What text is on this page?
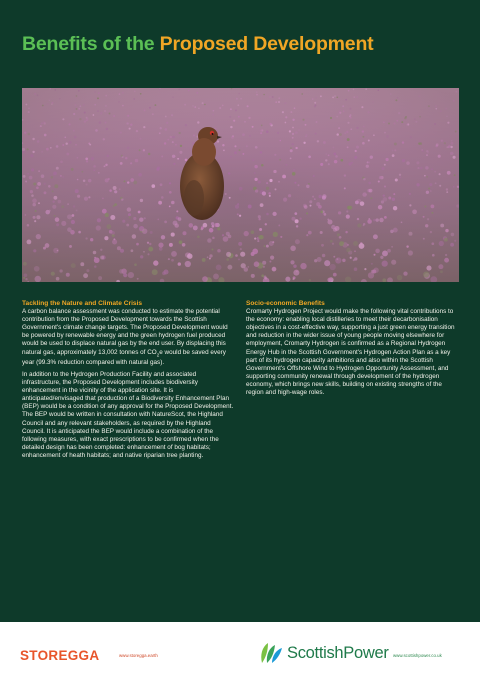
Benefits of the Proposed Development
Tackling the Nature and Climate Crisis

A carbon balance assessment was conducted to estimate the potential contribution from the Proposed Development towards the Scottish Government's climate change targets. The Proposed Development would be powered by renewable energy and the green hydrogen fuel produced would be used to displace natural gas by the end user. By displacing this natural gas, approximately 13,002 tonnes of $CO_2e$ would be saved every year (99.3% reduction compared with natural gas).

In addition to the Hydrogen Production Facility and associated infrastructure, the Proposed Development includes biodiversity enhancement in the vicinity of the application site. It is anticipated/envisaged that production of a Biodiversity Enhancement Plan (BEP) would be a condition of any approval for the Proposed Development. The BEP would be written in consultation with NatureScot, the Highland Council and any relevant stakeholders, as required by the Highland Council. It is anticipated the BEP would include a combination of the following measures, with exact prescriptions to be confirmed when the detailed design has been completed: enhancement of bog habitats; enhancement of heath habitats; and native riparian tree planting.

Socio-economic Benefits

Cromarty Hydrogen Project would make the following vital contributions to the economy: enabling local distilleries to meet their decarbonisation objectives in a cost-effective way, supporting a just green energy transition and reduction in the wider issue of young people moving elsewhere for employment, Cromarty Hydrogen is confirmed as a Regional Hydrogen Energy Hub in the Scottish Government's Hydrogen Action Plan as a key part of its hydrogen capacity ambitions and also within the Scottish Government's Offshore Wind to Hydrogen Opportunity Assessment, and supporting community renewal through development of the hydrogen economy, which brings new skills, building on existing strengths of the region and high-wage roles.

STOREGGA	www.storegga.earth	ScottishPower www.scottishpower.co.uk
